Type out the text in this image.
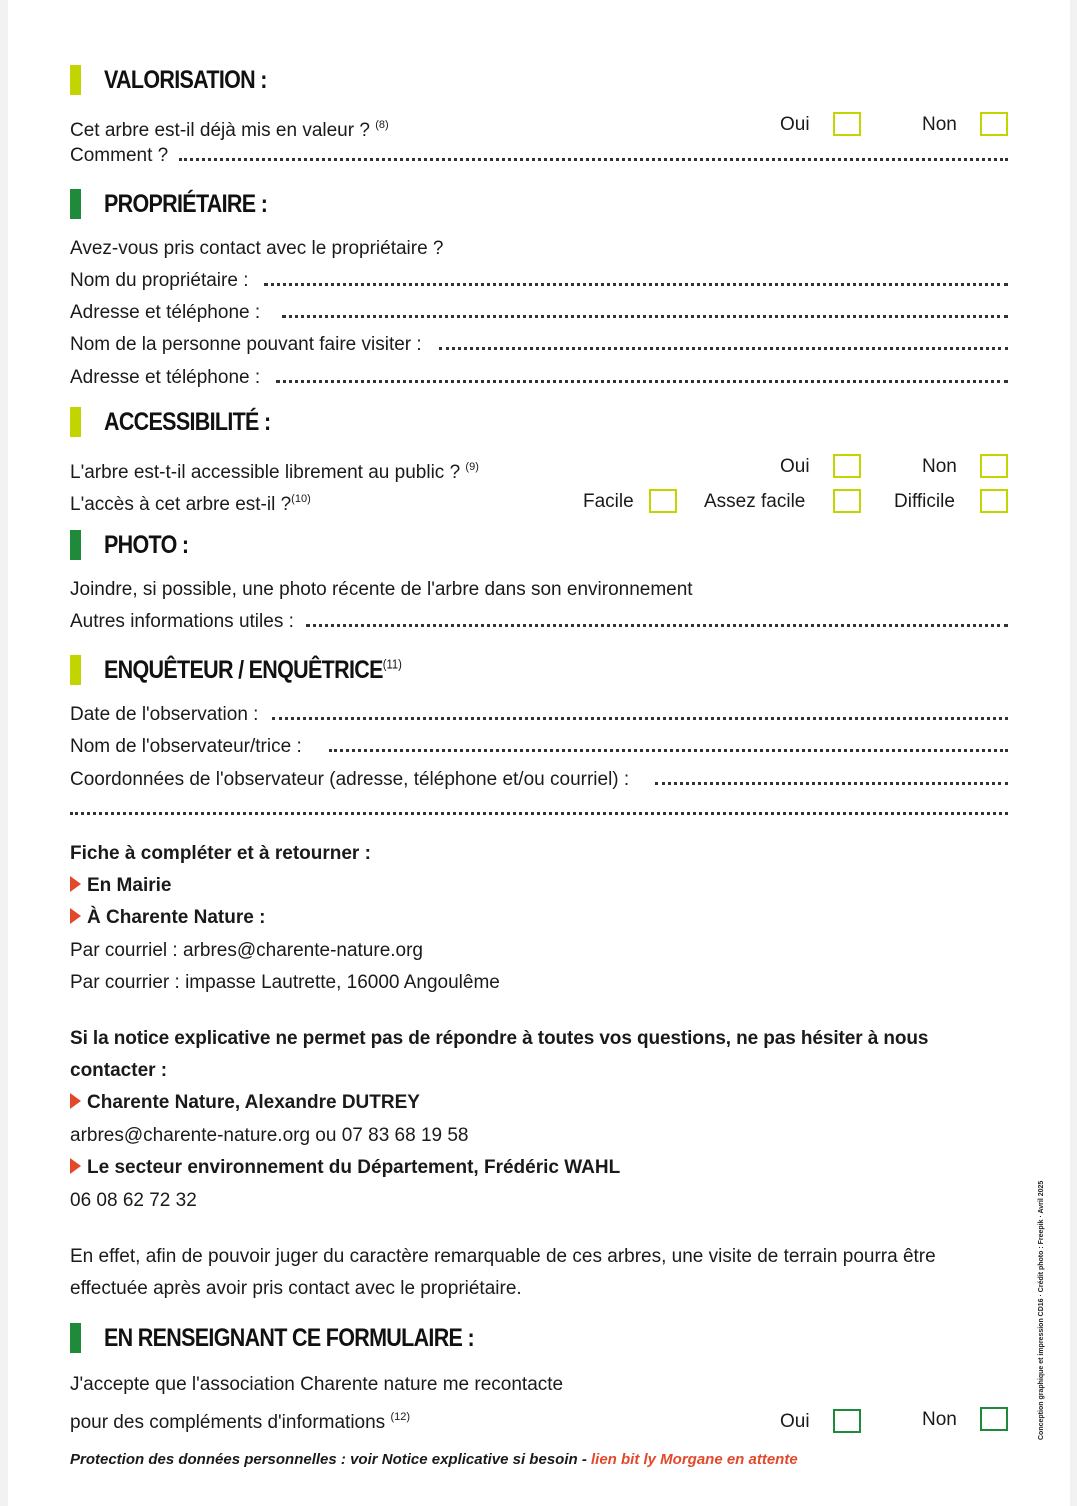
VALORISATION :
Cet arbre est-il déjà mis en valeur ? $^{(8)}$	Oui	Non
Comment ?
PROPRIÉTAIRE :
Avez-vous pris contact avec le propriétaire ?
Nom du propriétaire :
Adresse et téléphone :
Nom de la personne pouvant faire visiter :
Adresse et téléphone :
ACCESSIBILITÉ :
L'arbre est-t-il accessible librement au public ? $^{(9)}$	Oui	Non
L'accès à cet arbre est-il ?$^{(10)}$	Facile	Assez facile	Difficile
PHOTO :
Joindre, si possible, une photo récente de l'arbre dans son environnement
Autres informations utiles :
ENQUÊTEUR / ENQUÊTRICE$^{(11)}$
Date de l'observation :
Nom de l'observateur/trice :
Coordonnées de l'observateur (adresse, téléphone et/ou courriel) :
Fiche à compléter et à retourner :
En Mairie
À Charente Nature :
Par courriel : arbres@charente-nature.org
Par courrier : impasse Lautrette, 16000 Angoulême
Si la notice explicative ne permet pas de répondre à toutes vos questions, ne pas hésiter à nous
contacter :
Charente Nature, Alexandre DUTREY
arbres@charente-nature.org ou 07 83 68 19 58
Le secteur environnement du Département, Frédéric WAHL
06 08 62 72 32
En effet, afin de pouvoir juger du caractère remarquable de ces arbres, une visite de terrain pourra être
effectuée après avoir pris contact avec le propriétaire.
EN RENSEIGNANT CE FORMULAIRE :
J'accepte que l'association Charente nature me recontacte
pour des compléments d'informations $^{(12)}$	Oui	Non
Protection des données personnelles : voir Notice explicative si besoin - lien bit ly Morgane en attente
Conception graphique et impression CD16 · Crédit photo : Freepik · Avril 2025
